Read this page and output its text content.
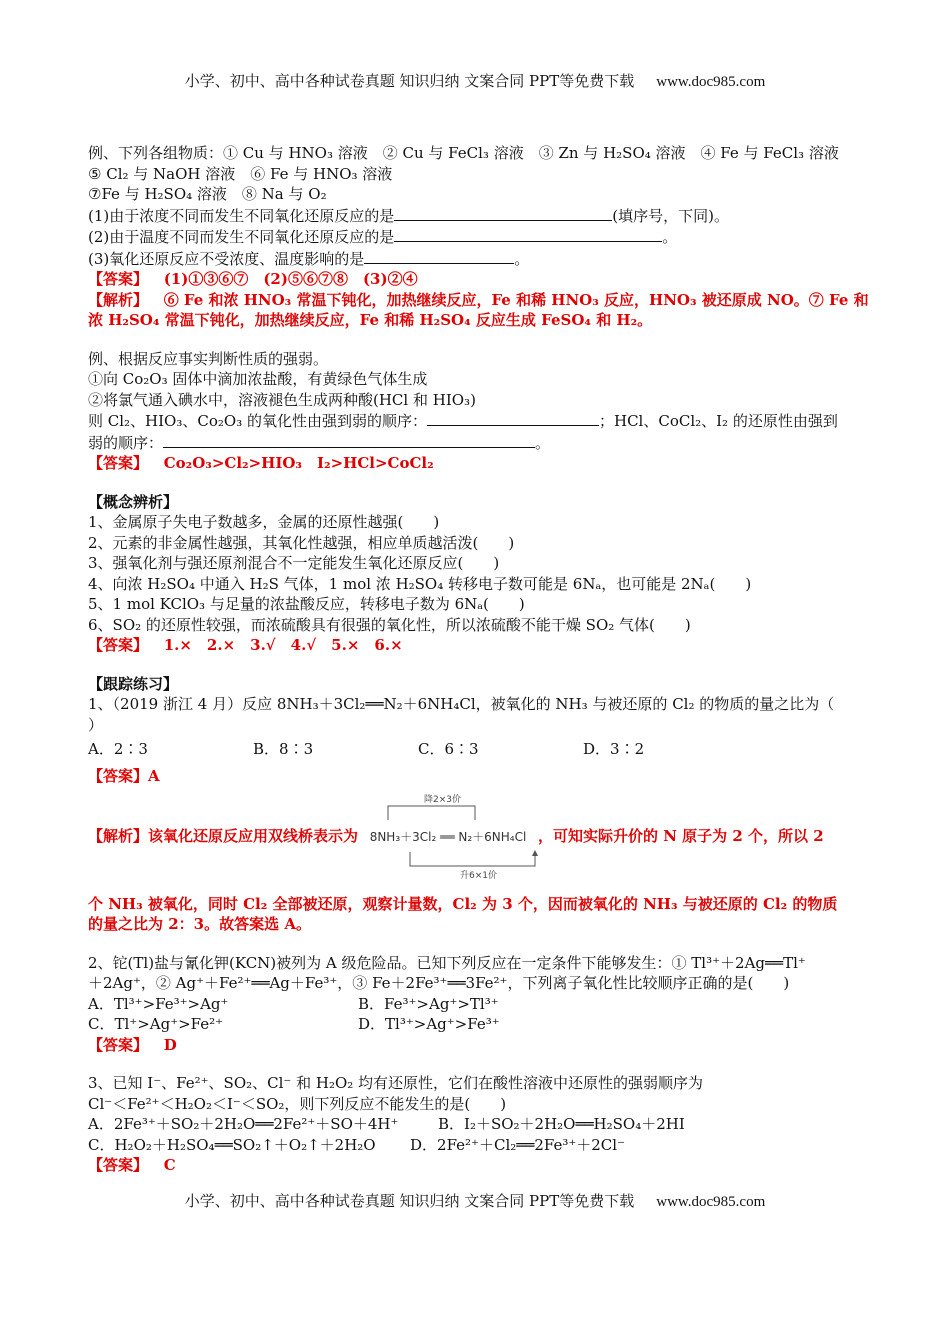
小学、初中、高中各种试卷真题 知识归纳 文案合同 PPT等免费下载 www.doc985.com
例、下列各组物质：① Cu 与 HNO₃ 溶液　② Cu 与 FeCl₃ 溶液　③ Zn 与 H₂SO₄ 溶液　④ Fe 与 FeCl₃ 溶液
⑤ Cl₂ 与 NaOH 溶液　⑥ Fe 与 HNO₃ 溶液
⑦Fe 与 H₂SO₄ 溶液　⑧ Na 与 O₂
(1)由于浓度不同而发生不同氧化还原反应的是	(填序号，下同)。
(2)由于温度不同而发生不同氧化还原反应的是	。
(3)氧化还原反应不受浓度、温度影响的是	。
【答案】 (1)①③⑥⑦　(2)⑤⑥⑦⑧　(3)②④
【解析】 ⑥ Fe 和浓 HNO₃ 常温下钝化，加热继续反应，Fe 和稀 HNO₃ 反应，HNO₃ 被还原成 NO。⑦ Fe 和浓 H₂SO₄ 常温下钝化，加热继续反应，Fe 和稀 H₂SO₄ 反应生成 FeSO₄ 和 H₂。
例、根据反应事实判断性质的强弱。
①向 Co₂O₃ 固体中滴加浓盐酸，有黄绿色气体生成
②将氯气通入碘水中，溶液褪色生成两种酸(HCl 和 HIO₃)
则 Cl₂、HIO₃、Co₂O₃ 的氧化性由强到弱的顺序：	；HCl、CoCl₂、I₂ 的还原性由强到
弱的顺序：	。
【答案】 Co₂O₃>Cl₂>HIO₃　I₂>HCl>CoCl₂
【概念辨析】
1、金属原子失电子数越多，金属的还原性越强(　　)
2、元素的非金属性越强，其氧化性越强，相应单质越活泼(　　)
3、强氧化剂与强还原剂混合不一定能发生氧化还原反应(　　)
4、向浓 H₂SO₄ 中通入 H₂S 气体，1 mol 浓 H₂SO₄ 转移电子数可能是 6Nₐ，也可能是 2Nₐ(　　)
5、1 mol KClO₃ 与足量的浓盐酸反应，转移电子数为 6Nₐ(　　)
6、SO₂ 的还原性较强，而浓硫酸具有很强的氧化性，所以浓硫酸不能干燥 SO₂ 气体(　　)
【答案】 1.×　2.×　3.√　4.√　5.×　6.×
【跟踪练习】
1、（2019 浙江 4 月）反应 8NH₃＋3Cl₂══N₂＋6NH₄Cl，被氧化的 NH₃ 与被还原的 Cl₂ 的物质的量之比为（
）
A．2∶3	B．8∶3	C．6∶3	D．3∶2
【答案】A
降2×3价
【解析】该氧化还原反应用双线桥表示为 8NH₃＋3Cl₂ ══ N₂＋6NH₄Cl ，可知实际升价的 N 原子为 2 个，所以 2
升6×1价
个 NH₃ 被氧化，同时 Cl₂ 全部被还原，观察计量数，Cl₂ 为 3 个，因而被氧化的 NH₃ 与被还原的 Cl₂ 的物质
的量之比为 2：3。故答案选 A。
2、铊(Tl)盐与氰化钾(KCN)被列为 A 级危险品。已知下列反应在一定条件下能够发生：① Tl³⁺＋2Ag══Tl⁺
＋2Ag⁺，② Ag⁺＋Fe²⁺══Ag＋Fe³⁺，③ Fe＋2Fe³⁺══3Fe²⁺，下列离子氧化性比较顺序正确的是(　　)
A．Tl³⁺>Fe³⁺>Ag⁺	B．Fe³⁺>Ag⁺>Tl³⁺
C．Tl⁺>Ag⁺>Fe²⁺	D．Tl³⁺>Ag⁺>Fe³⁺
【答案】 D
3、已知 I⁻、Fe²⁺、SO₂、Cl⁻ 和 H₂O₂ 均有还原性，它们在酸性溶液中还原性的强弱顺序为
Cl⁻＜Fe²⁺＜H₂O₂＜I⁻＜SO₂，则下列反应不能发生的是(　　)
A．2Fe³⁺＋SO₂＋2H₂O══2Fe²⁺＋SO＋4H⁺	B．I₂＋SO₂＋2H₂O══H₂SO₄＋2HI
C．H₂O₂＋H₂SO₄══SO₂↑＋O₂↑＋2H₂O D．2Fe²⁺＋Cl₂══2Fe³⁺＋2Cl⁻
【答案】 C
小学、初中、高中各种试卷真题 知识归纳 文案合同 PPT等免费下载 www.doc985.com
